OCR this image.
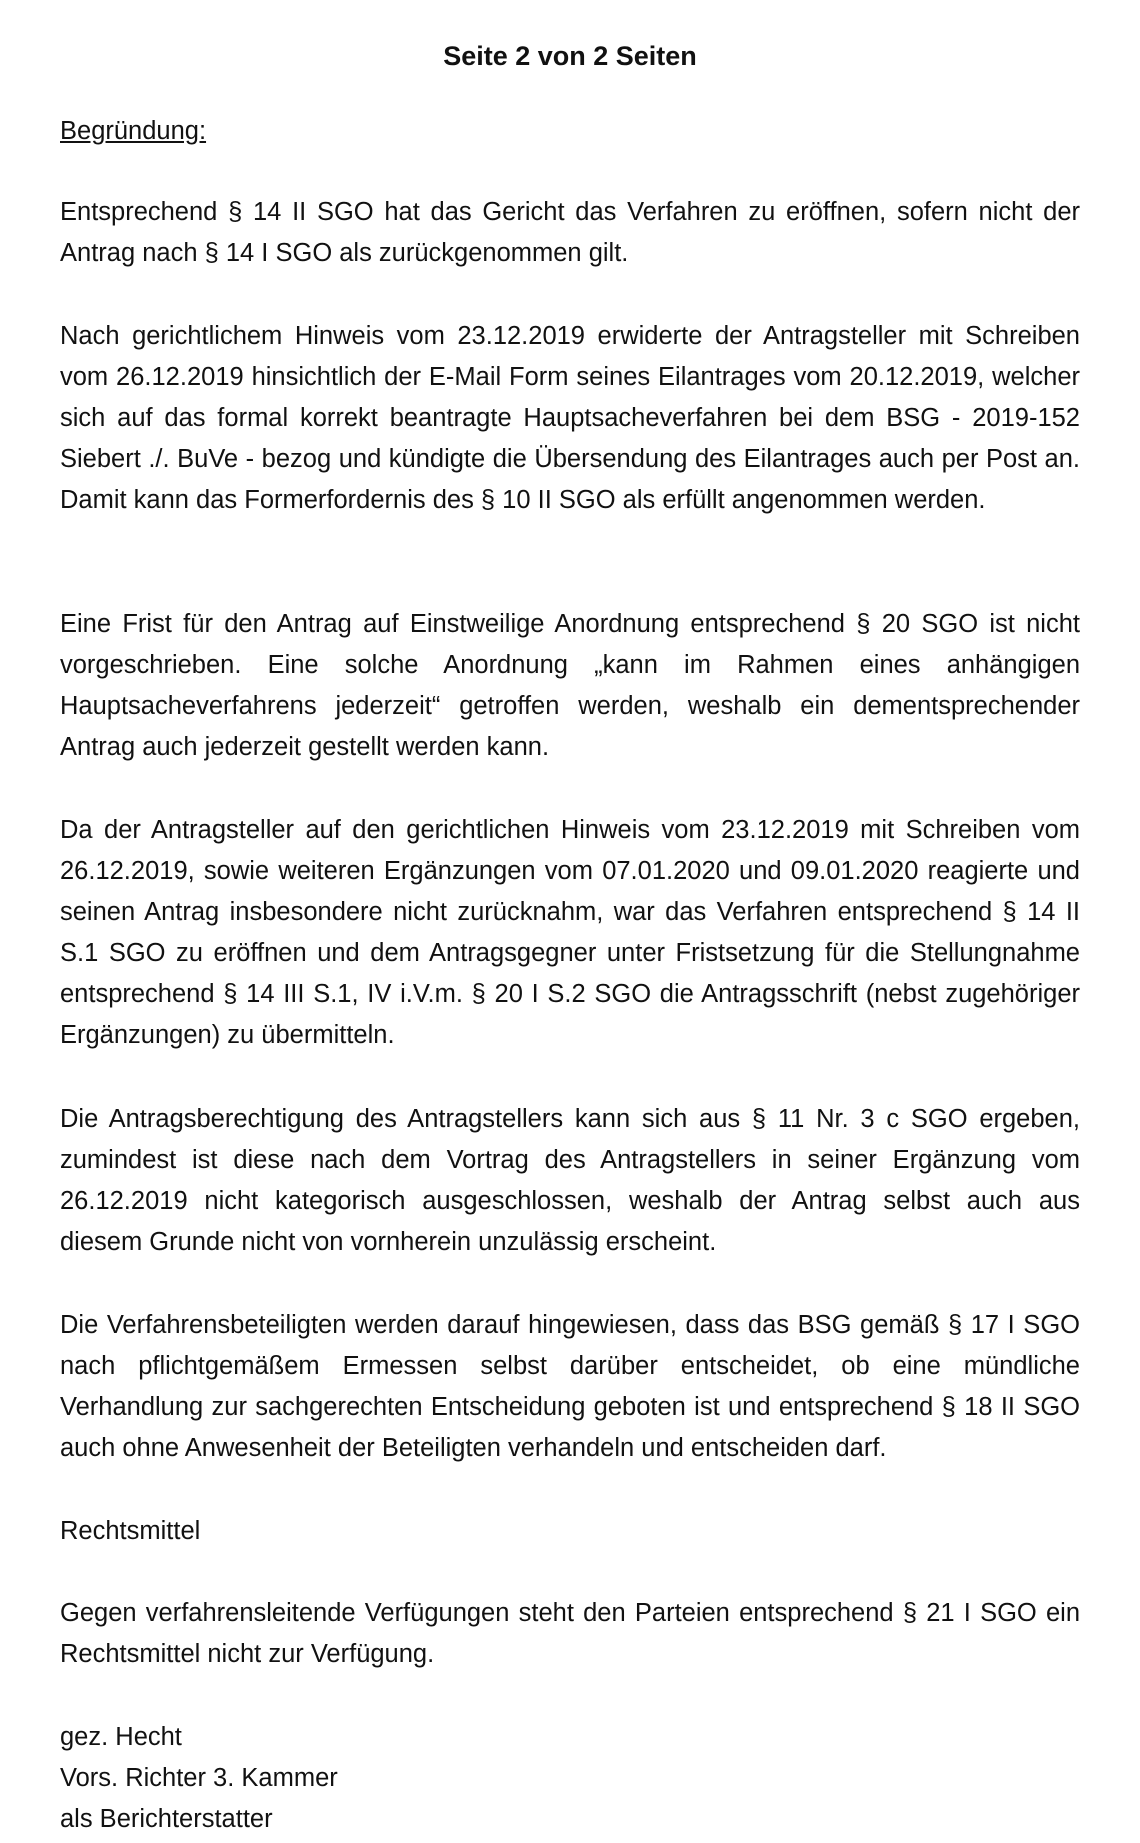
Seite 2 von 2 Seiten

Begründung:

Entsprechend § 14 II SGO hat das Gericht das Verfahren zu eröffnen, sofern nicht der Antrag nach § 14 I SGO als zurückgenommen gilt.

Nach gerichtlichem Hinweis vom 23.12.2019 erwiderte der Antragsteller mit Schreiben vom 26.12.2019 hinsichtlich der E-Mail Form seines Eilantrages vom 20.12.2019, welcher sich auf das formal korrekt beantragte Hauptsacheverfahren bei dem BSG - 2019-152 Siebert ./. BuVe - bezog und kündigte die Übersendung des Eilantrages auch per Post an. Damit kann das Formerfordernis des § 10 II SGO als erfüllt angenommen werden.

Eine Frist für den Antrag auf Einstweilige Anordnung entsprechend § 20 SGO ist nicht vorgeschrieben. Eine solche Anordnung „kann im Rahmen eines anhängigen Hauptsacheverfahrens jederzeit“ getroffen werden, weshalb ein dementsprechender Antrag auch jederzeit gestellt werden kann.

Da der Antragsteller auf den gerichtlichen Hinweis vom 23.12.2019 mit Schreiben vom 26.12.2019, sowie weiteren Ergänzungen vom 07.01.2020 und 09.01.2020 reagierte und seinen Antrag insbesondere nicht zurücknahm, war das Verfahren entsprechend § 14 II S.1 SGO zu eröffnen und dem Antragsgegner unter Fristsetzung für die Stellungnahme entsprechend § 14 III S.1, IV i.V.m. § 20 I S.2 SGO die Antragsschrift (nebst zugehöriger Ergänzungen) zu übermitteln.

Die Antragsberechtigung des Antragstellers kann sich aus § 11 Nr. 3 c SGO ergeben, zumindest ist diese nach dem Vortrag des Antragstellers in seiner Ergänzung vom 26.12.2019 nicht kategorisch ausgeschlossen, weshalb der Antrag selbst auch aus diesem Grunde nicht von vornherein unzulässig erscheint.

Die Verfahrensbeteiligten werden darauf hingewiesen, dass das BSG gemäß § 17 I SGO nach pflichtgemäßem Ermessen selbst darüber entscheidet, ob eine mündliche Verhandlung zur sachgerechten Entscheidung geboten ist und entsprechend § 18 II SGO auch ohne Anwesenheit der Beteiligten verhandeln und entscheiden darf.

Rechtsmittel

Gegen verfahrensleitende Verfügungen steht den Parteien entsprechend § 21 I SGO ein Rechtsmittel nicht zur Verfügung.

gez. Hecht

Vors. Richter 3. Kammer

als Berichterstatter
